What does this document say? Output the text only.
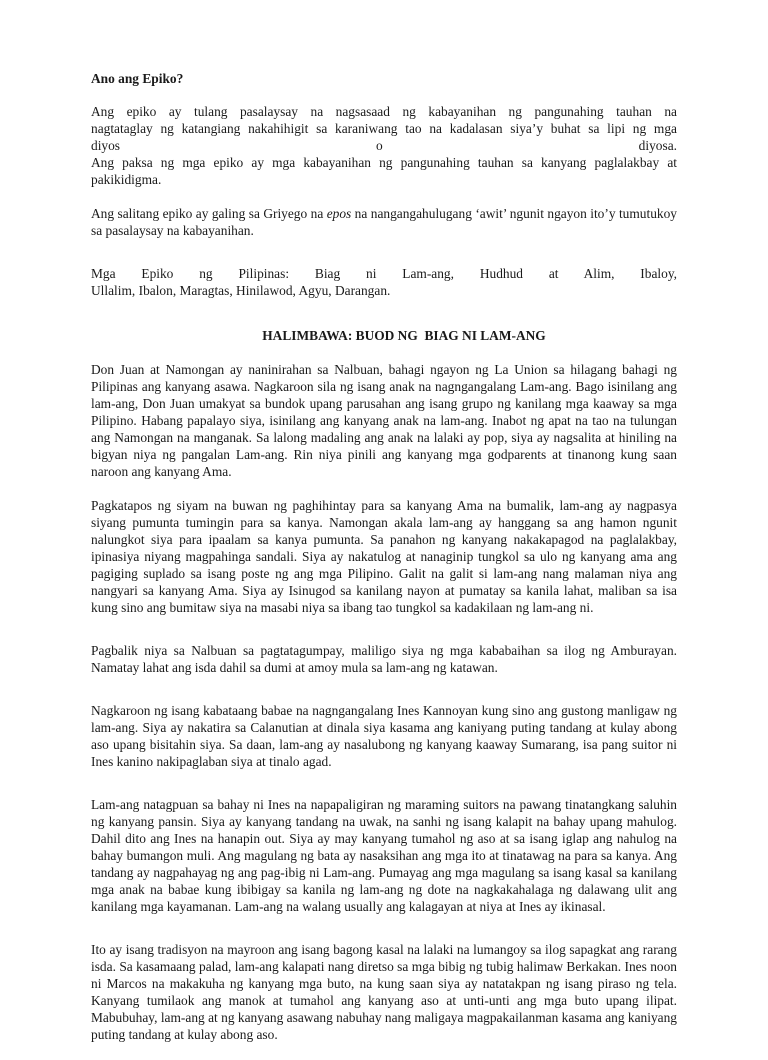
Ano ang Epiko?
Ang epiko ay tulang pasalaysay na nagsasaad ng kabayanihan ng pangunahing tauhan na
nagtataglay ng katangiang nakahihigit sa karaniwang tao na kadalasan siya’y buhat sa lipi ng mga
diyos	o	diyosa.
Ang paksa ng mga epiko ay mga kabayanihan ng pangunahing tauhan sa kanyang paglalakbay at
pakikidigma.
Ang salitang epiko ay galing sa Griyego na epos na nangangahulugang ‘awit’ ngunit ngayon ito’y tumutukoy sa pasalaysay na kabayanihan.
Mga Epiko ng Pilipinas: Biag ni Lam-ang, Hudhud at Alim, Ibaloy,
Ullalim, Ibalon, Maragtas, Hinilawod, Agyu, Darangan.
HALIMBAWA: BUOD NG  BIAG NI LAM-ANG
Don Juan at Namongan ay naninirahan sa Nalbuan, bahagi ngayon ng La Union sa hilagang bahagi ng Pilipinas ang kanyang asawa. Nagkaroon sila ng isang anak na nagngangalang Lam-ang. Bago isinilang ang lam-ang, Don Juan umakyat sa bundok upang parusahan ang isang grupo ng kanilang mga kaaway sa mga Pilipino. Habang papalayo siya, isinilang ang kanyang anak na lam-ang. Inabot ng apat na tao na tulungan ang Namongan na manganak. Sa lalong madaling ang anak na lalaki ay pop, siya ay nagsalita at hiniling na bigyan niya ng pangalan Lam-ang. Rin niya pinili ang kanyang mga godparents at tinanong kung saan naroon ang kanyang Ama.
Pagkatapos ng siyam na buwan ng paghihintay para sa kanyang Ama na bumalik, lam-ang ay nagpasya siyang pumunta tumingin para sa kanya. Namongan akala lam-ang ay hanggang sa ang hamon ngunit nalungkot siya para ipaalam sa kanya pumunta. Sa panahon ng kanyang nakakapagod na paglalakbay, ipinasiya niyang magpahinga sandali. Siya ay nakatulog at nanaginip tungkol sa ulo ng kanyang ama ang pagiging suplado sa isang poste ng ang mga Pilipino. Galit na galit si lam-ang nang malaman niya ang nangyari sa kanyang Ama. Siya ay Isinugod sa kanilang nayon at pumatay sa kanila lahat, maliban sa isa kung sino ang bumitaw siya na masabi niya sa ibang tao tungkol sa kadakilaan ng lam-ang ni.
Pagbalik niya sa Nalbuan sa pagtatagumpay, maliligo siya ng mga kababaihan sa ilog ng Amburayan. Namatay lahat ang isda dahil sa dumi at amoy mula sa lam-ang ng katawan.
Nagkaroon ng isang kabataang babae na nagngangalang Ines Kannoyan kung sino ang gustong manligaw ng lam-ang. Siya ay nakatira sa Calanutian at dinala siya kasama ang kaniyang puting tandang at kulay abong aso upang bisitahin siya. Sa daan, lam-ang ay nasalubong ng kanyang kaaway Sumarang, isa pang suitor ni Ines kanino nakipaglaban siya at tinalo agad.
Lam-ang natagpuan sa bahay ni Ines na napapaligiran ng maraming suitors na pawang tinatangkang saluhin ng kanyang pansin. Siya ay kanyang tandang na uwak, na sanhi ng isang kalapit na bahay upang mahulog. Dahil dito ang Ines na hanapin out. Siya ay may kanyang tumahol ng aso at sa isang iglap ang nahulog na bahay bumangon muli. Ang magulang ng bata ay nasaksihan ang mga ito at tinatawag na para sa kanya. Ang tandang ay nagpahayag ng ang pag-ibig ni Lam-ang. Pumayag ang mga magulang sa isang kasal sa kanilang mga anak na babae kung ibibigay sa kanila ng lam-ang ng dote na nagkakahalaga ng dalawang ulit ang kanilang mga kayamanan. Lam-ang na walang usually ang kalagayan at niya at Ines ay ikinasal.
Ito ay isang tradisyon na mayroon ang isang bagong kasal na lalaki na lumangoy sa ilog sapagkat ang rarang isda. Sa kasamaang palad, lam-ang kalapati nang diretso sa mga bibig ng tubig halimaw Berkakan. Ines noon ni Marcos na makakuha ng kanyang mga buto, na kung saan siya ay natatakpan ng isang piraso ng tela. Kanyang tumilaok ang manok at tumahol ang kanyang aso at unti-unti ang mga buto upang ilipat. Mabubuhay, lam-ang at ng kanyang asawang nabuhay nang maligaya magpakailanman kasama ang kaniyang puting tandang at kulay abong aso.
